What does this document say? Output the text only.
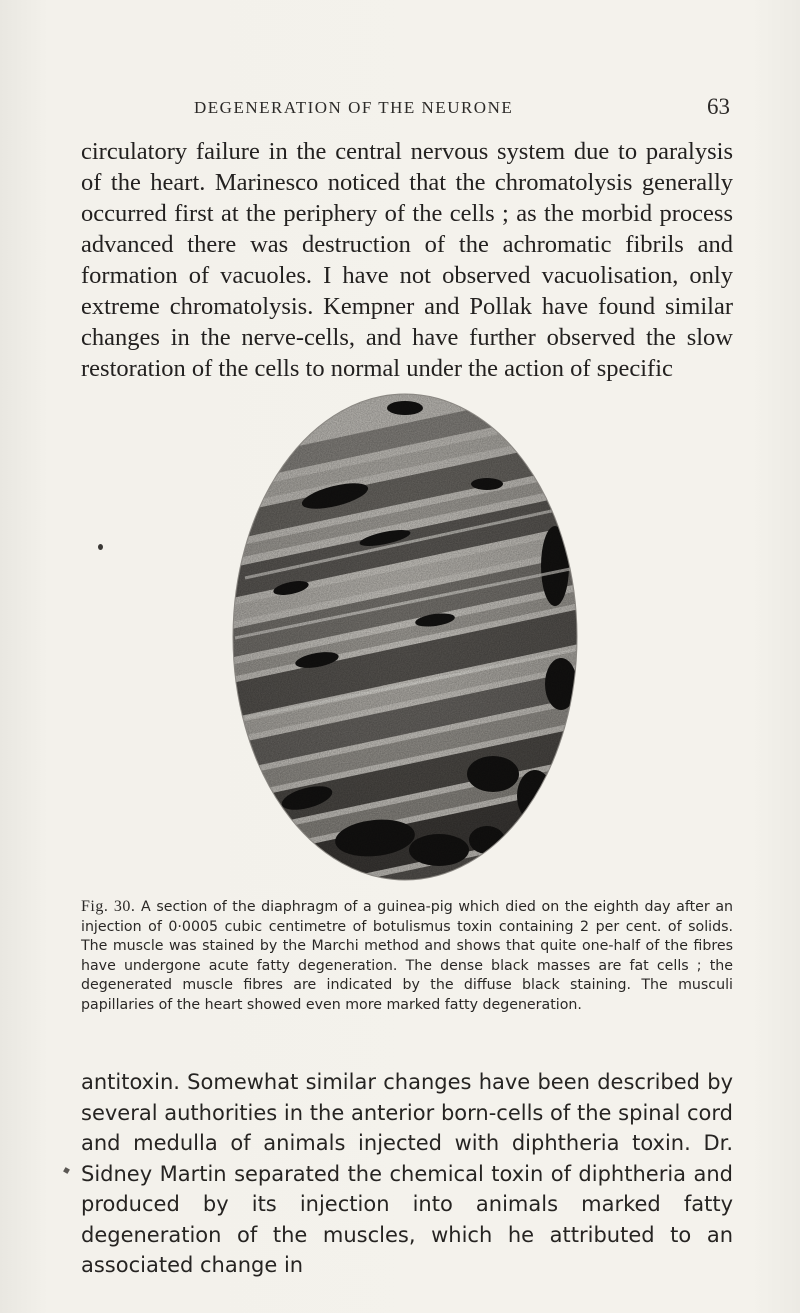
DEGENERATION OF THE NEURONE	63

circulatory failure in the central nervous system due to paralysis of the heart. Marinesco noticed that the chromatolysis generally occurred first at the periphery of the cells ; as the morbid process advanced there was destruction of the achromatic fibrils and formation of vacuoles. I have not observed vacuolisation, only extreme chromatolysis. Kempner and Pollak have found similar changes in the nerve-cells, and have further observed the slow restoration of the cells to normal under the action of specific

Fig. 30. A section of the diaphragm of a guinea-pig which died on the eighth day after an injection of 0·0005 cubic centimetre of botulismus toxin containing 2 per cent. of solids. The muscle was stained by the Marchi method and shows that quite one-half of the fibres have undergone acute fatty degeneration. The dense black masses are fat cells ; the degenerated muscle fibres are indicated by the diffuse black staining. The musculi papillaries of the heart showed even more marked fatty degeneration.

antitoxin. Somewhat similar changes have been described by several authorities in the anterior born-cells of the spinal cord and medulla of animals injected with diphtheria toxin. Dr. Sidney Martin separated the chemical toxin of diphtheria and produced by its injection into animals marked fatty degeneration of the muscles, which he attributed to an associated change in
